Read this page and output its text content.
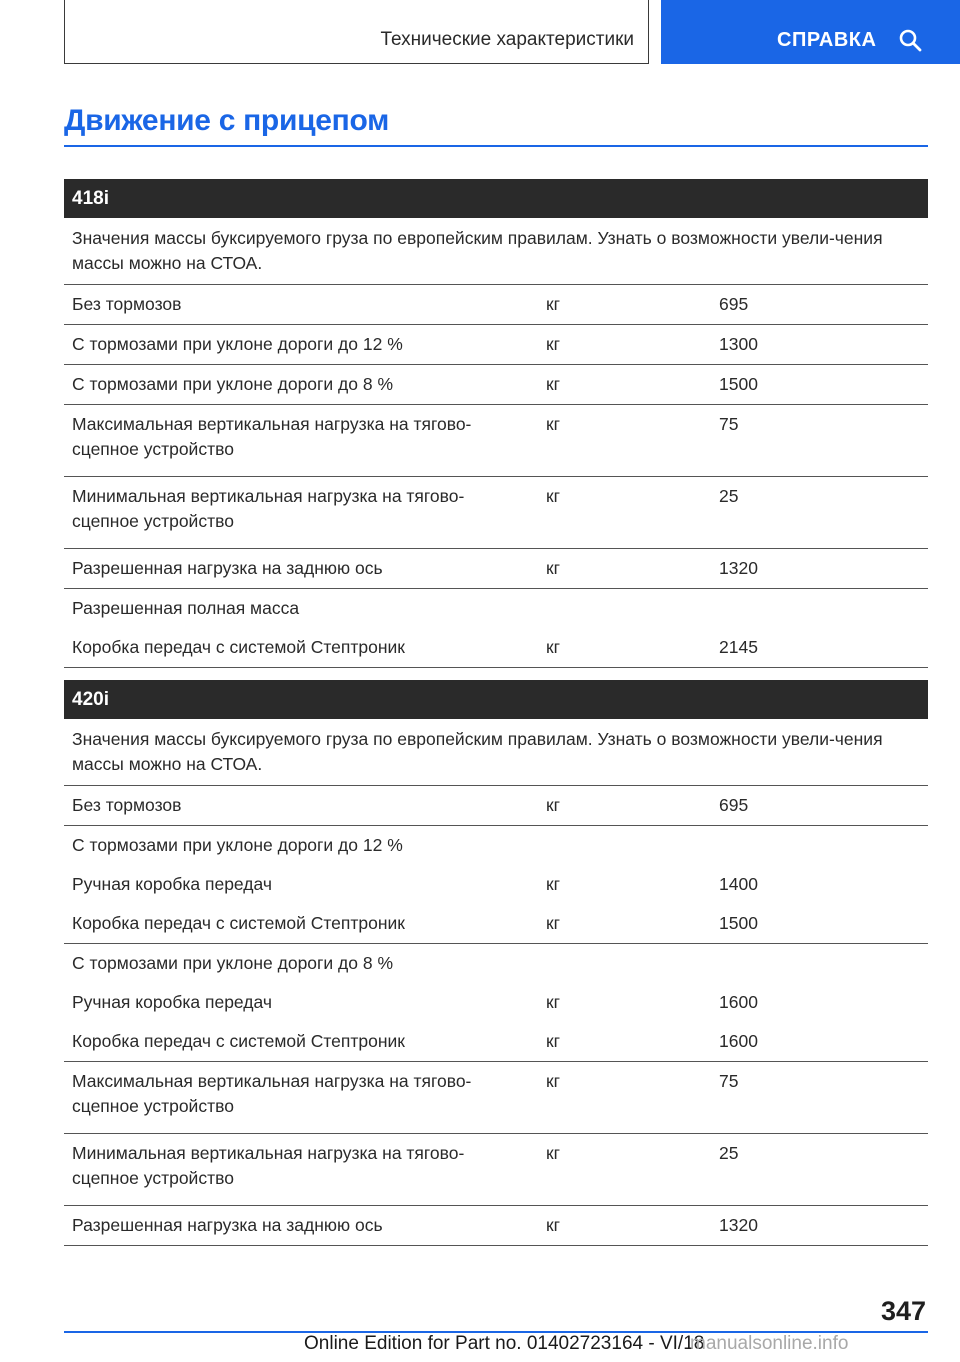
Технические характеристики	СПРАВКА
Движение с прицепом
418i
Значения массы буксируемого груза по европейским правилам. Узнать о возможности увели-чения массы можно на СТОА.
Без тормозов	кг	695
С тормозами при уклоне дороги до 12 %	кг	1300
С тормозами при уклоне дороги до 8 %	кг	1500
Максимальная вертикальная нагрузка на тягово-сцепное устройство
кг	75
Минимальная вертикальная нагрузка на тягово-сцепное устройство
кг	25
Разрешенная нагрузка на заднюю ось	кг	1320
Разрешенная полная масса
Коробка передач с системой Стептроник	кг	2145
420i
Значения массы буксируемого груза по европейским правилам. Узнать о возможности увели-чения массы можно на СТОА.
Без тормозов	кг	695
С тормозами при уклоне дороги до 12 %
Ручная коробка передач	кг	1400
Коробка передач с системой Стептроник	кг	1500
С тормозами при уклоне дороги до 8 %
Ручная коробка передач	кг	1600
Коробка передач с системой Стептроник	кг	1600
Максимальная вертикальная нагрузка на тягово-сцепное устройство
кг	75
Минимальная вертикальная нагрузка на тягово-сцепное устройство
кг	25
Разрешенная нагрузка на заднюю ось	кг	1320
347
Online Edition for Part no. 01402723164 - VI/18
manualsonline.info
